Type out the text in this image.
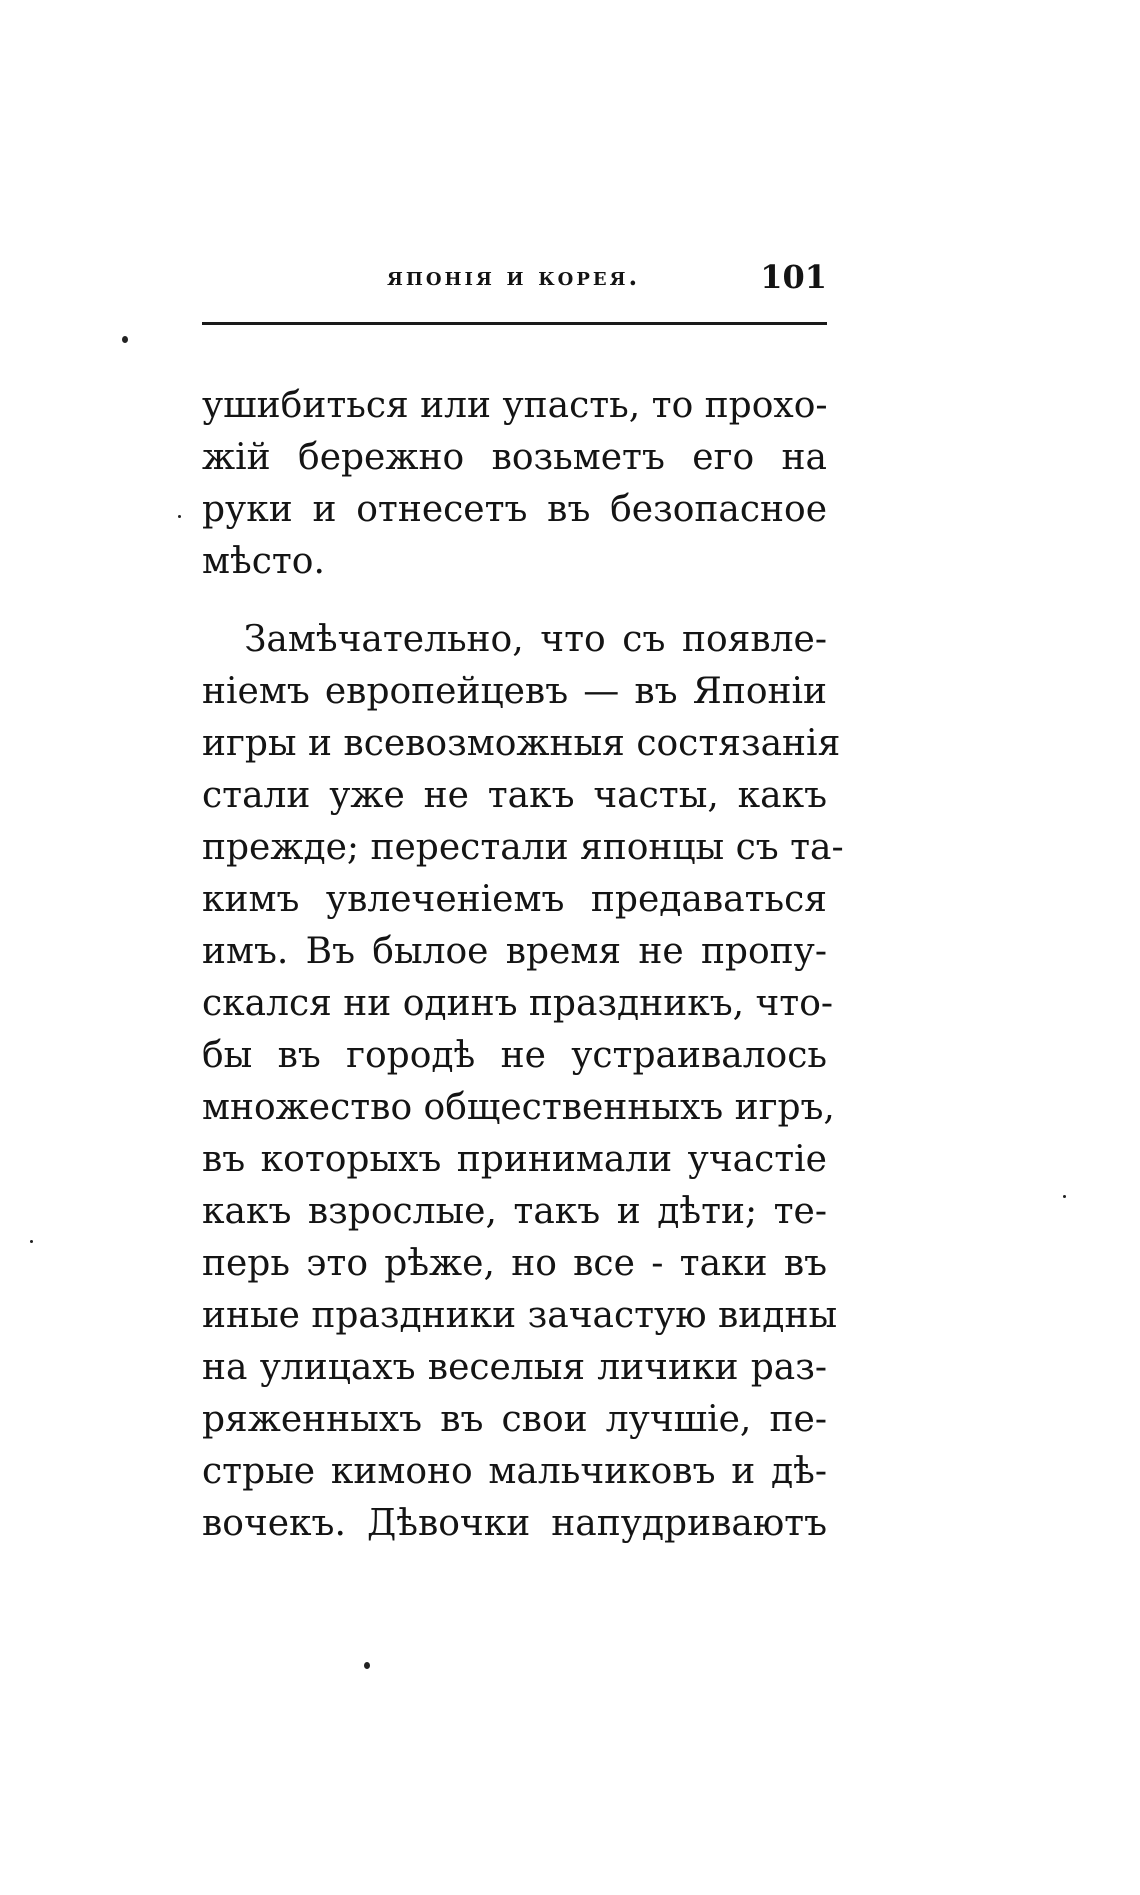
японія и корея.	101
ушибиться или упасть, то прохо-
жій бережно возьметъ его на
руки и отнесетъ въ безопасное
мѣсто.
Замѣчательно, что съ появле-
ніемъ европейцевъ — въ Японіи
игры и всевозможныя состязанія
стали уже не такъ часты, какъ
прежде; перестали японцы съ та-
кимъ увлеченіемъ предаваться
имъ. Въ былое время не пропу-
скался ни одинъ праздникъ, что-
бы въ городѣ не устраивалось
множество общественныхъ игръ,
въ которыхъ принимали участіе
какъ взрослые, такъ и дѣти; те-
перь это рѣже, но все - таки въ
иные праздники зачастую видны
на улицахъ веселыя личики раз-
ряженныхъ въ свои лучшіе, пе-
стрые кимоно мальчиковъ и дѣ-
вочекъ. Дѣвочки напудриваютъ
